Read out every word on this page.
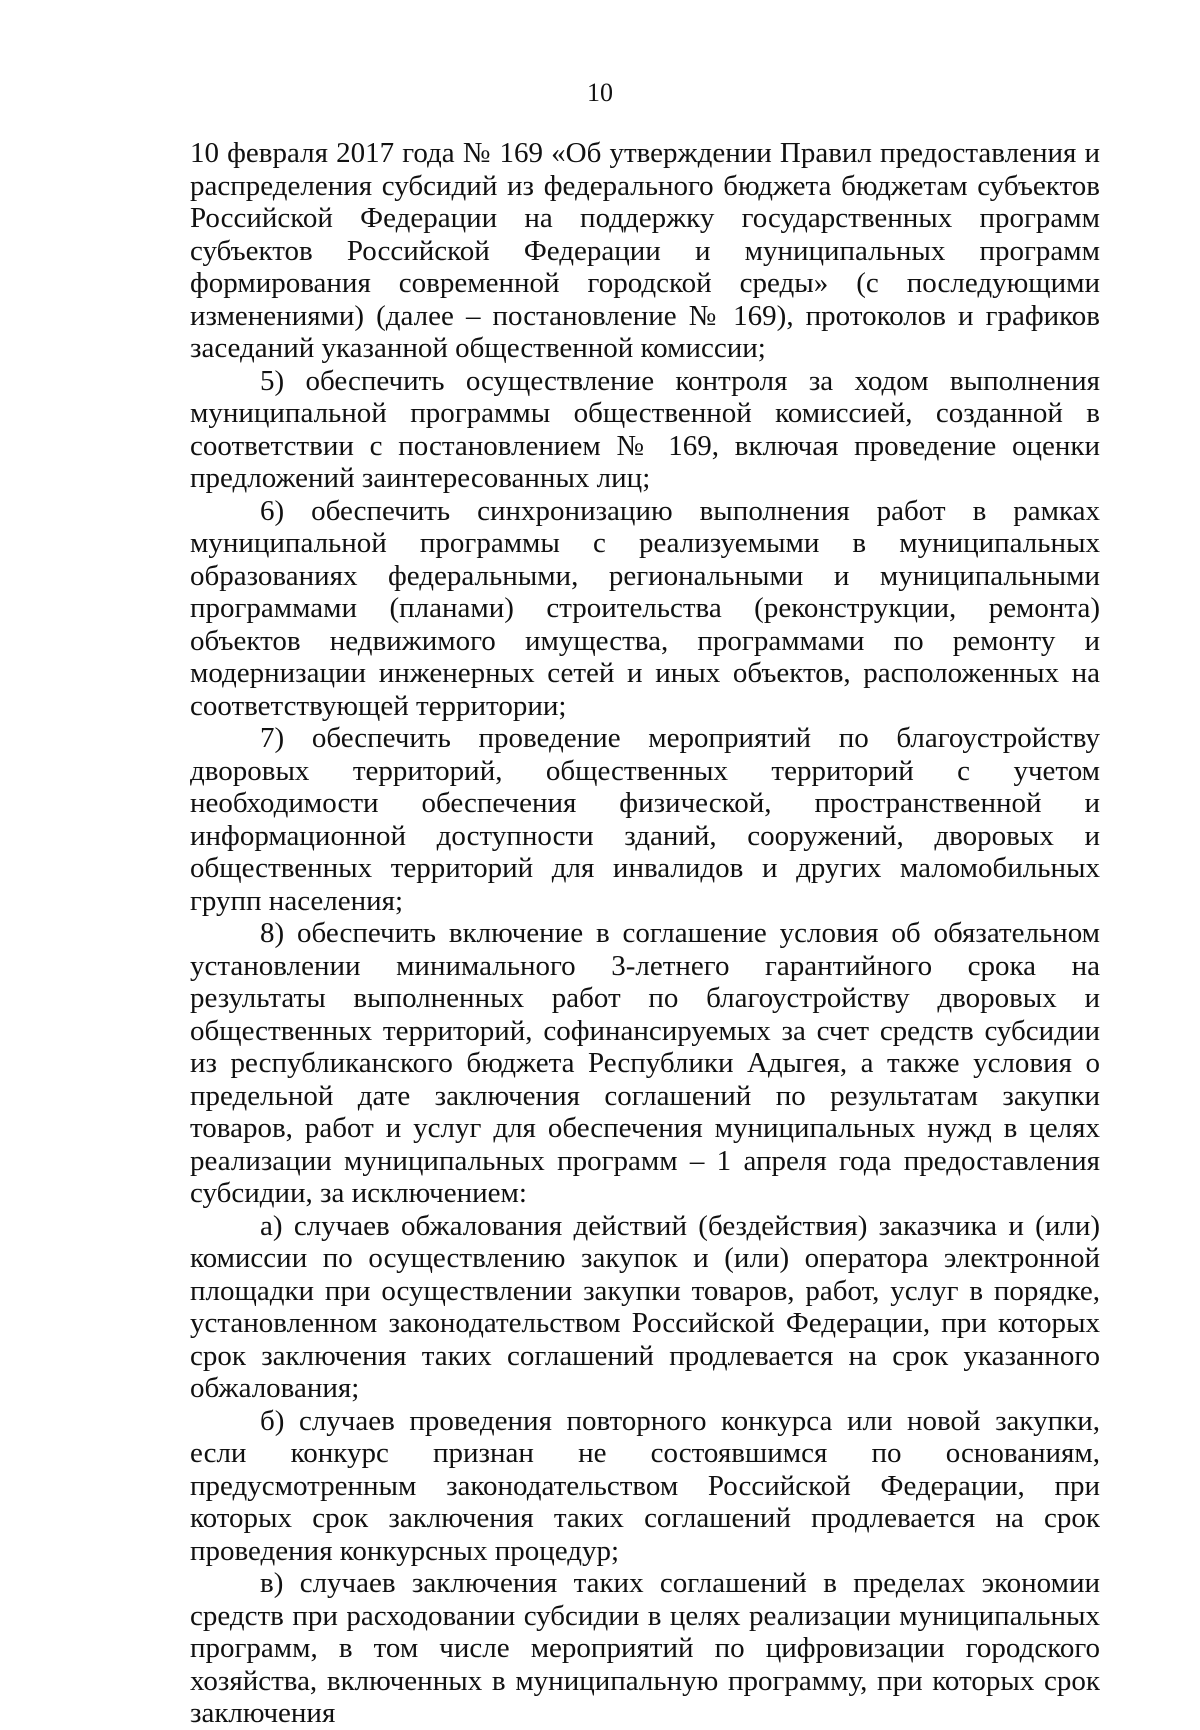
10

10 февраля 2017 года № 169 «Об утверждении Правил предоставления и распределения субсидий из федерального бюджета бюджетам субъектов Российской Федерации на поддержку государственных программ субъектов Российской Федерации и муниципальных программ формирования современной городской среды» (с последующими изменениями) (далее – постановление № 169), протоколов и графиков заседаний указанной общественной комиссии;

5) обеспечить осуществление контроля за ходом выполнения муниципальной программы общественной комиссией, созданной в соответствии с постановлением № 169, включая проведение оценки предложений заинтересованных лиц;

6) обеспечить синхронизацию выполнения работ в рамках муниципальной программы с реализуемыми в муниципальных образованиях федеральными, региональными и муниципальными программами (планами) строительства (реконструкции, ремонта) объектов недвижимого имущества, программами по ремонту и модернизации инженерных сетей и иных объектов, расположенных на соответствующей территории;

7) обеспечить проведение мероприятий по благоустройству дворовых территорий, общественных территорий с учетом необходимости обеспечения физической, пространственной и информационной доступности зданий, сооружений, дворовых и общественных территорий для инвалидов и других маломобильных групп населения;

8) обеспечить включение в соглашение условия об обязательном установлении минимального 3-летнего гарантийного срока на результаты выполненных работ по благоустройству дворовых и общественных территорий, софинансируемых за счет средств субсидии из республиканского бюджета Республики Адыгея, а также условия о предельной дате заключения соглашений по результатам закупки товаров, работ и услуг для обеспечения муниципальных нужд в целях реализации муниципальных программ – 1 апреля года предоставления субсидии, за исключением:

а) случаев обжалования действий (бездействия) заказчика и (или) комиссии по осуществлению закупок и (или) оператора электронной площадки при осуществлении закупки товаров, работ, услуг в порядке, установленном законодательством Российской Федерации, при которых срок заключения таких соглашений продлевается на срок указанного обжалования;

б) случаев проведения повторного конкурса или новой закупки, если конкурс признан не состоявшимся по основаниям, предусмотренным законодательством Российской Федерации, при которых срок заключения таких соглашений продлевается на срок проведения конкурсных процедур;

в) случаев заключения таких соглашений в пределах экономии средств при расходовании субсидии в целях реализации муниципальных программ, в том числе мероприятий по цифровизации городского хозяйства, включенных в муниципальную программу, при которых срок заключения
